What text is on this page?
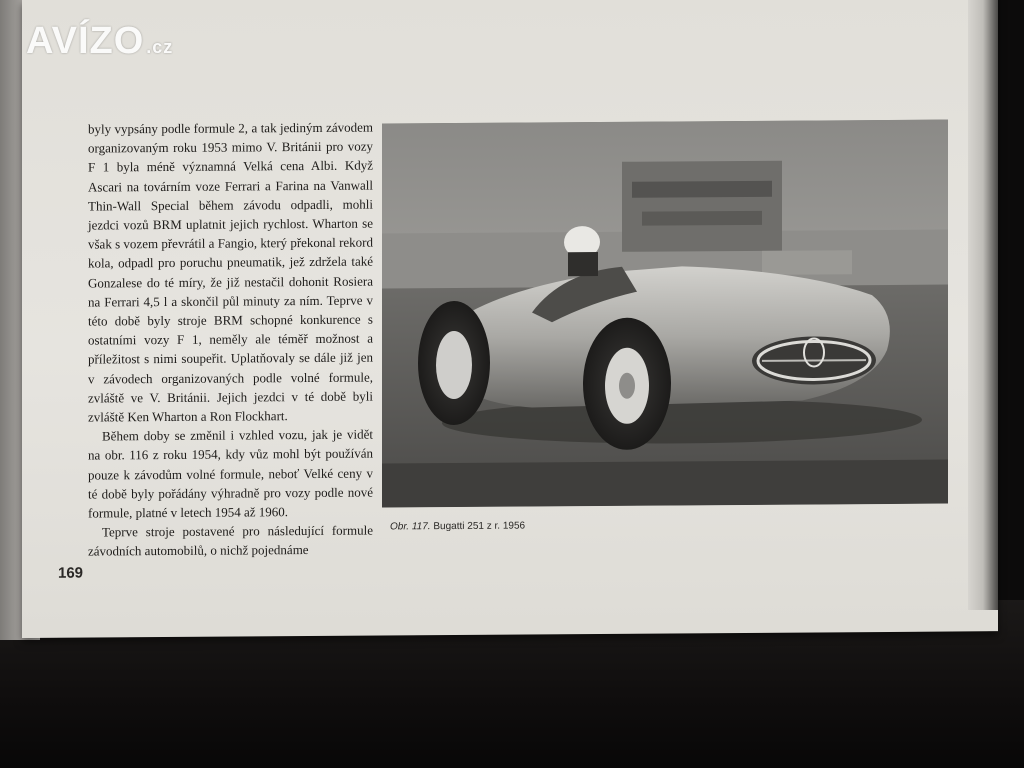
byly vypsány podle formule 2, a tak jediným závodem organizovaným roku 1953 mimo V. Británii pro vozy F 1 byla méně významná Velká cena Albi. Když Ascari na továrním voze Ferrari a Farina na Vanwall Thin-Wall Special během závodu odpadli, mohli jezdci vozů BRM uplatnit jejich rychlost. Wharton se však s vozem převrátil a Fangio, který překonal rekord kola, odpadl pro poruchu pneumatik, jež zdržela také Gonzalese do té míry, že již nestačil dohonit Rosiera na Ferrari 4,5 l a skončil půl minuty za ním. Teprve v této době byly stroje BRM schopné konkurence s ostatními vozy F 1, neměly ale téměř možnost a příležitost s nimi soupeřit. Uplatňovaly se dále již jen v závodech organizovaných podle volné formule, zvláště ve V. Británii. Jejich jezdci v té době byli zvláště Ken Wharton a Ron Flockhart.

Během doby se změnil i vzhled vozu, jak je vidět na obr. 116 z roku 1954, kdy vůz mohl být používán pouze k závodům volné formule, neboť Velké ceny v té době byly pořádány výhradně pro vozy podle nové formule, platné v letech 1954 až 1960.

Teprve stroje postavené pro následující formule závodních automobilů, o nichž pojednáme

169
Obr. 117. Bugatti 251 z r. 1956
AVÍZO .cz
